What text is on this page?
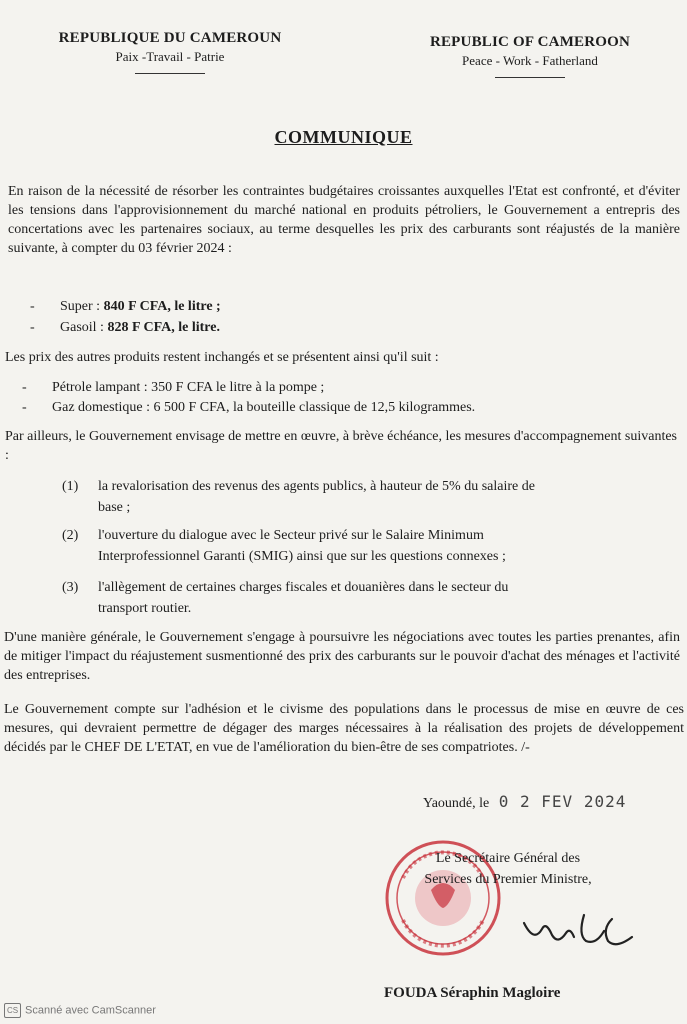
REPUBLIQUE DU CAMEROUN
Paix -Travail - Patrie
REPUBLIC OF CAMEROON
Peace - Work - Fatherland
COMMUNIQUE
En raison de la nécessité de résorber les contraintes budgétaires croissantes auxquelles l'Etat est confronté, et d'éviter les tensions dans l'approvisionnement du marché national en produits pétroliers, le Gouvernement a entrepris des concertations avec les partenaires sociaux, au terme desquelles les prix des carburants sont réajustés de la manière suivante, à compter du 03 février 2024 :
- Super : 840 F CFA, le litre ;
- Gasoil : 828 F CFA, le litre.
Les prix des autres produits restent inchangés et se présentent ainsi qu'il suit :
- Pétrole lampant : 350 F CFA le litre à la pompe ;
- Gaz domestique : 6 500 F CFA, la bouteille classique de 12,5 kilogrammes.
Par ailleurs, le Gouvernement envisage de mettre en œuvre, à brève échéance, les mesures d'accompagnement suivantes :
(1) la revalorisation des revenus des agents publics, à hauteur de 5% du salaire de
base ;
(2) l'ouverture du dialogue avec le Secteur privé sur le Salaire Minimum
Interprofessionnel Garanti (SMIG) ainsi que sur les questions connexes ;
(3) l'allègement de certaines charges fiscales et douanières dans le secteur du
transport routier.
D'une manière générale, le Gouvernement s'engage à poursuivre les négociations avec toutes les parties prenantes, afin de mitiger l'impact du réajustement susmentionné des prix des carburants sur le pouvoir d'achat des ménages et l'activité des entreprises.
Le Gouvernement compte sur l'adhésion et le civisme des populations dans le processus de mise en œuvre de ces mesures, qui devraient permettre de dégager des marges nécessaires à la réalisation des projets de développement décidés par le CHEF DE L'ETAT, en vue de l'amélioration du bien-être de ses compatriotes. /-
Yaoundé, le 0 2 FEV 2024
Le Secrétaire Général des
Services du Premier Ministre,
FOUDA Séraphin Magloire
CS Scanné avec CamScanner
